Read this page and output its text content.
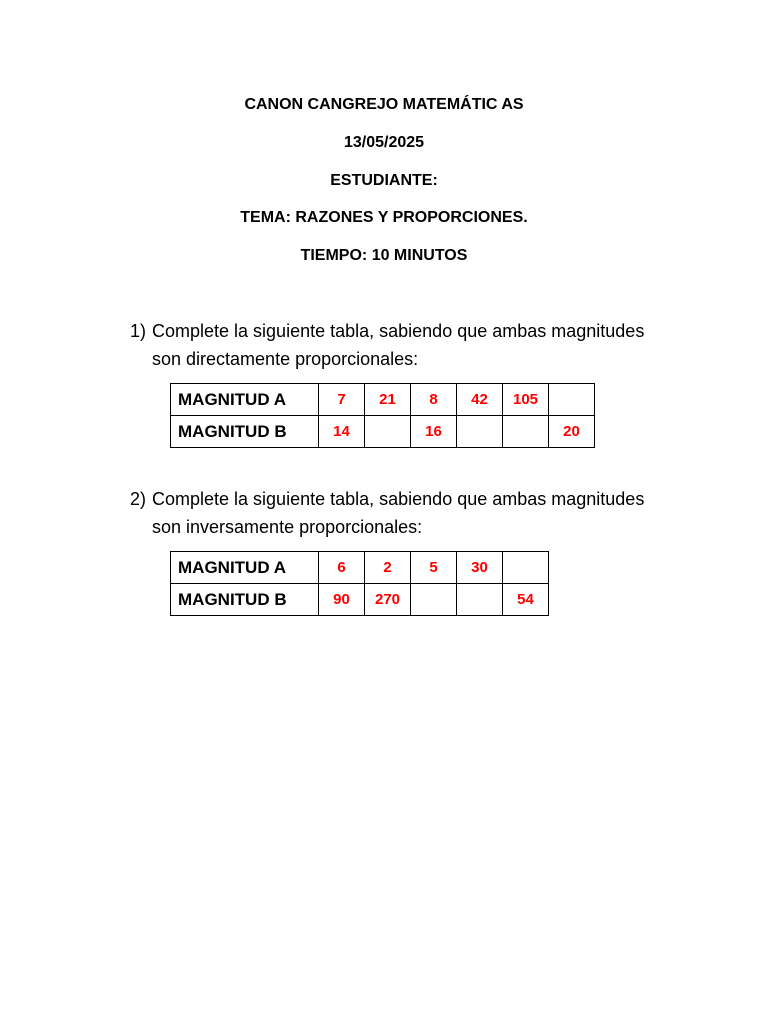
CANON CANGREJO MATEMÁTIC AS
13/05/2025
ESTUDIANTE:
TEMA: RAZONES Y PROPORCIONES.
TIEMPO: 10 MINUTOS
1) Complete la siguiente tabla, sabiendo que ambas magnitudes
son directamente proporcionales:
MAGNITUD A	7	21	8	42	105	
MAGNITUD B	14		16			20
2) Complete la siguiente tabla, sabiendo que ambas magnitudes
son inversamente proporcionales:
MAGNITUD A	6	2	5	30	
MAGNITUD B	90	270			54
